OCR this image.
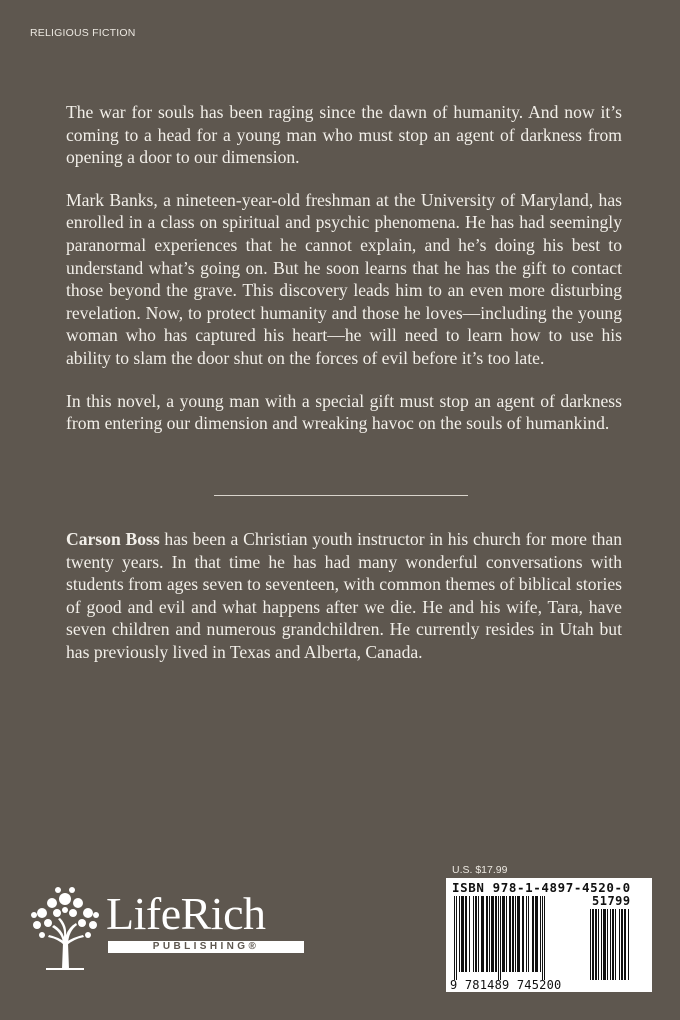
RELIGIOUS FICTION

The war for souls has been raging since the dawn of humanity. And now it’s coming to a head for a young man who must stop an agent of darkness from opening a door to our dimension.

Mark Banks, a nineteen-year-old freshman at the University of Maryland, has enrolled in a class on spiritual and psychic phenomena. He has had seemingly paranormal experiences that he cannot explain, and he’s doing his best to understand what’s going on. But he soon learns that he has the gift to contact those beyond the grave. This discovery leads him to an even more disturbing revelation. Now, to protect humanity and those he loves—including the young woman who has captured his heart—he will need to learn how to use his ability to slam the door shut on the forces of evil before it’s too late.

In this novel, a young man with a special gift must stop an agent of darkness from entering our dimension and wreaking havoc on the souls of humankind.

Carson Boss has been a Christian youth instructor in his church for more than twenty years. In that time he has had many wonderful conversations with students from ages seven to seventeen, with common themes of biblical stories of good and evil and what happens after we die. He and his wife, Tara, have seven children and numerous grandchildren. He currently resides in Utah but has previously lived in Texas and Alberta, Canada.
LifeRich
PUBLISHING®
U.S. $17.99
ISBN 978-1-4897-4520-0
51799
9 781489 745200
